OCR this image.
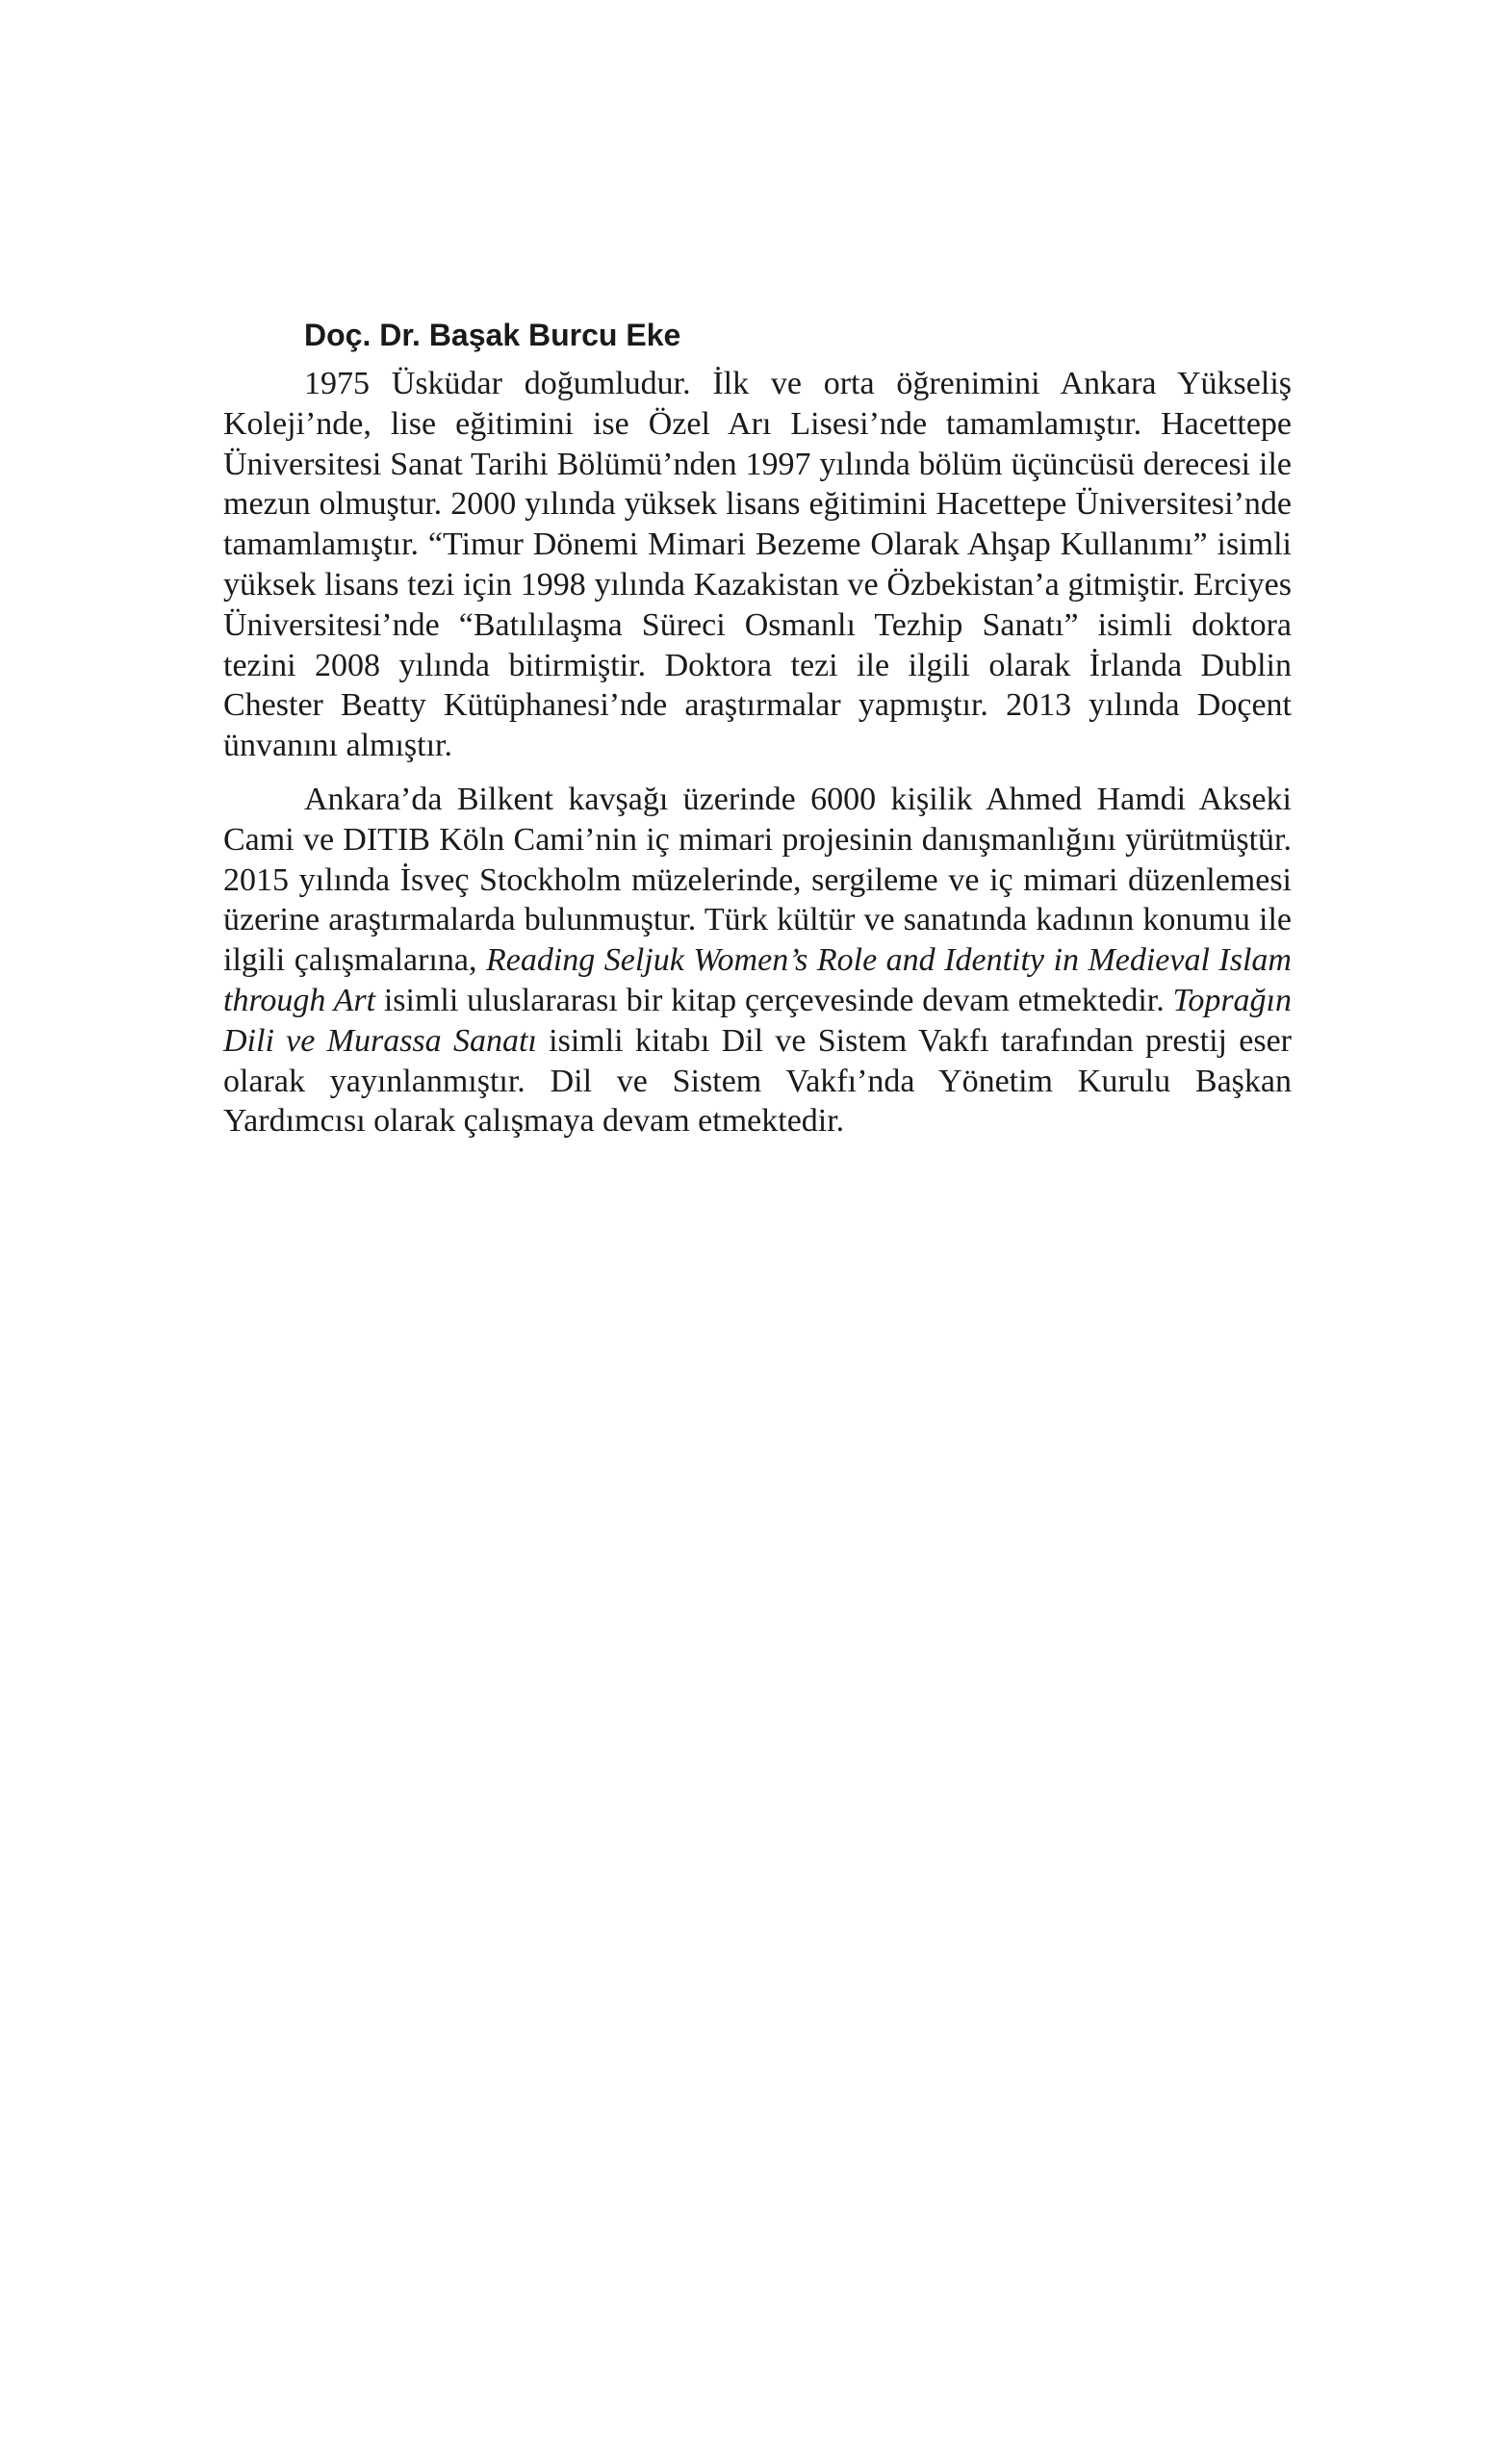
Doç. Dr. Başak Burcu Eke

1975 Üsküdar doğumludur. İlk ve orta öğrenimini Ankara Yükseliş Koleji’nde, lise eğitimini ise Özel Arı Lisesi’nde tamamlamıştır. Hacettepe Üniversitesi Sanat Tarihi Bölümü’nden 1997 yılında bölüm üçüncüsü derecesi ile mezun olmuştur. 2000 yılında yüksek lisans eğitimini Hacettepe Üniversitesi’nde tamamlamıştır. “Timur Dönemi Mimari Bezeme Olarak Ahşap Kullanımı” isimli yüksek lisans tezi için 1998 yılında Kazakistan ve Özbekistan’a gitmiştir. Erciyes Üniversitesi’nde “Batılılaşma Süreci Osmanlı Tezhip Sanatı” isimli doktora tezini 2008 yılında bitirmiştir. Doktora tezi ile ilgili olarak İrlanda Dublin Chester Beatty Kütüphanesi’nde araştırmalar yapmıştır. 2013 yılında Doçent ünvanını almıştır.

Ankara’da Bilkent kavşağı üzerinde 6000 kişilik Ahmed Hamdi Akseki Cami ve DITIB Köln Cami’nin iç mimari projesinin danışmanlığını yürütmüştür. 2015 yılında İsveç Stockholm müzelerinde, sergileme ve iç mimari düzenlemesi üzerine araştırmalarda bulunmuştur. Türk kültür ve sanatında kadının konumu ile ilgili çalışmalarına, Reading Seljuk Women’s Role and Identity in Medieval Islam through Art isimli uluslararası bir kitap çerçevesinde devam etmektedir. Toprağın Dili ve Murassa Sanatı isimli kitabı Dil ve Sistem Vakfı tarafından prestij eser olarak yayınlanmıştır. Dil ve Sistem Vakfı’nda Yönetim Kurulu Başkan Yardımcısı olarak çalışmaya devam etmektedir.
